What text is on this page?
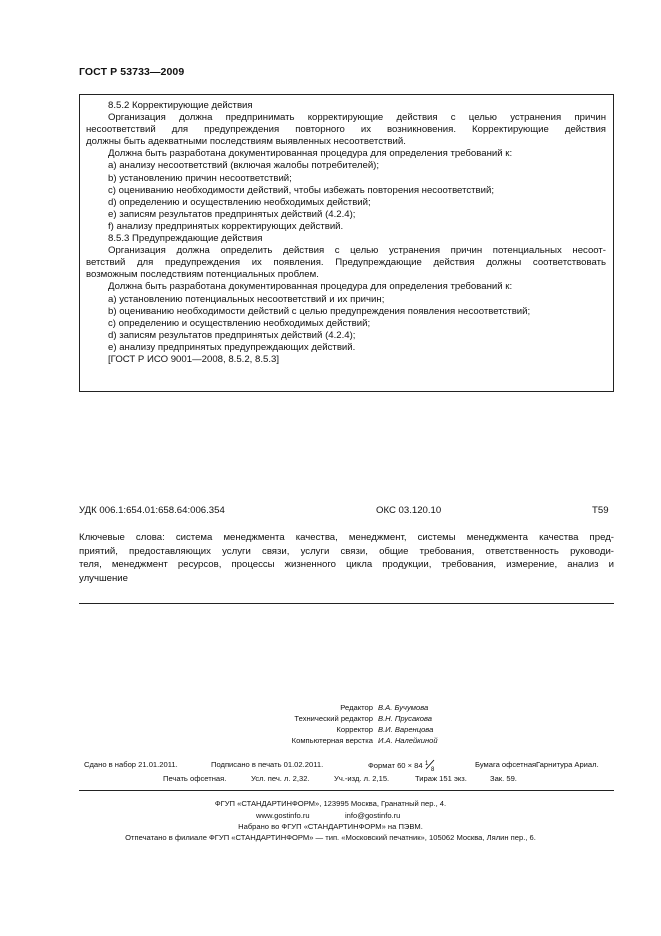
ГОСТ Р 53733—2009

8.5.2 Корректирующие действия

Организация должна предпринимать корректирующие действия с целью устранения причин

несоответствий для предупреждения повторного их возникновения. Корректирующие действия

должны быть адекватными последствиям выявленных несоответствий.

Должна быть разработана документированная процедура для определения требований к:

a) анализу несоответствий (включая жалобы потребителей);

b) установлению причин несоответствий;

c) оцениванию необходимости действий, чтобы избежать повторения несоответствий;

d) определению и осуществлению необходимых действий;

e) записям результатов предпринятых действий (4.2.4);

f) анализу предпринятых корректирующих действий.

8.5.3 Предупреждающие действия

Организация должна определить действия с целью устранения причин потенциальных несоот-

ветствий для предупреждения их появления. Предупреждающие действия должны соответствовать

возможным последствиям потенциальных проблем.

Должна быть разработана документированная процедура для определения требований к:

a) установлению потенциальных несоответствий и их причин;

b) оцениванию необходимости действий с целью предупреждения появления несоответствий;

c) определению и осуществлению необходимых действий;

d) записям результатов предпринятых действий (4.2.4);

e) анализу предпринятых предупреждающих действий.

[ГОСТ Р ИСО 9001—2008, 8.5.2, 8.5.3]

УДК 006.1:654.01:658.64:006.354	ОКС 03.120.10	Т59
Ключевые слова: система менеджмента качества, менеджмент, системы менеджмента качества пред-
приятий, предоставляющих услуги связи, услуги связи, общие требования, ответственность руководи-
теля, менеджмент ресурсов, процессы жизненного цикла продукции, требования, измерение, анализ и
улучшение
Редактор В.А. Бучумова
Технический редактор В.Н. Прусакова
Корректор В.И. Варенцова
Компьютерная верстка И.А. Налейкиной
Сдано в набор 21.01.2011.	Подписано в печать 01.02.2011.	Формат 60 × 84 1
8
Бумага офсетная.
Гарнитура Ариал.
Печать офсетная.	Усл. печ. л. 2,32.	Уч.-изд. л. 2,15.	Тираж 151 экз.	Зак. 59.
ФГУП «СТАНДАРТИНФОРМ», 123995 Москва, Гранатный пер., 4.
www.gostinfo.ru	info@gostinfo.ru
Набрано во ФГУП «СТАНДАРТИНФОРМ» на ПЭВМ.
Отпечатано в филиале ФГУП «СТАНДАРТИНФОРМ» — тип. «Московский печатник», 105062 Москва, Лялин пер., 6.
